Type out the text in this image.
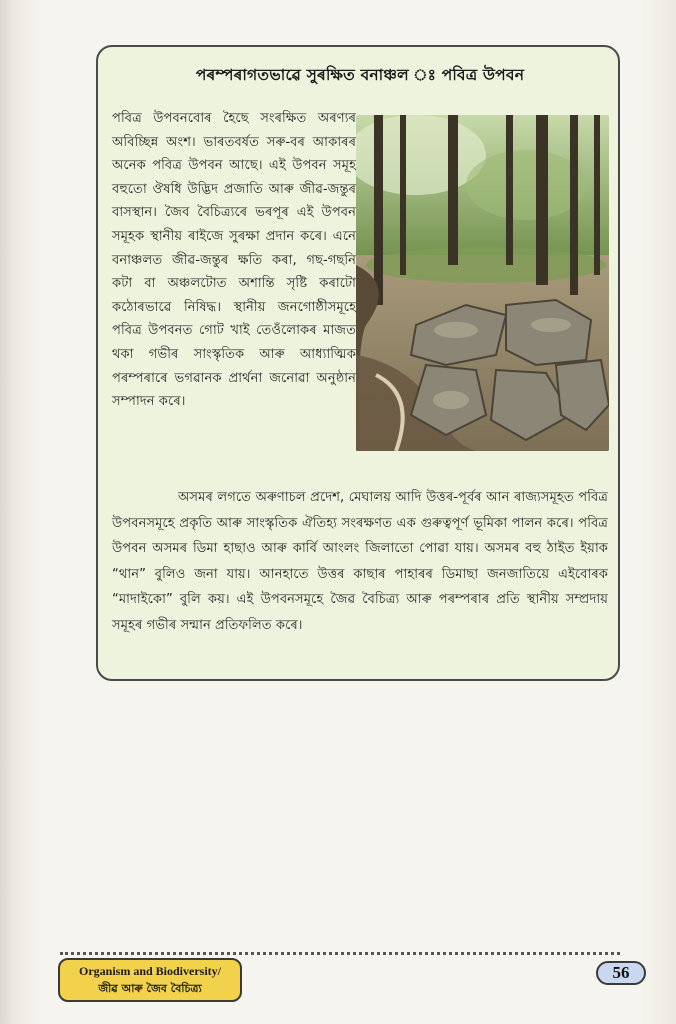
পৰম্পৰাগতভাৱে সুৰক্ষিত বনাঞ্চল ঃ পবিত্ৰ উপবন
পবিত্ৰ উপবনবোৰ হৈছে সংৰক্ষিত অৰণ্যৰ অবিচ্ছিন্ন অংশ। ভাৰতবৰ্ষত সৰু-বৰ আকাৰৰ অনেক পবিত্ৰ উপবন আছে। এই উপবন সমূহ বহুতো ঔষধি উদ্ভিদ প্ৰজাতি আৰু জীৱ-জন্তুৰ বাসস্থান। জৈব বৈচিত্ৰ্যৰে ভৰপূৰ এই উপবন সমূহক স্থানীয় ৰাইজে সুৰক্ষা প্ৰদান কৰে। এনে বনাঞ্চলত জীৱ-জন্তুৰ ক্ষতি কৰা, গছ-গছনি কটা বা অঞ্চলটোত অশান্তি সৃষ্টি কৰাটো কঠোৰভাৱে নিষিদ্ধ। স্থানীয় জনগোষ্ঠীসমূহে পবিত্ৰ উপবনত গোট খাই তেওঁলোকৰ মাজত থকা গভীৰ সাংস্কৃতিক আৰু আধ্যাত্মিক পৰম্পৰাৰে ভগৱানক প্ৰাৰ্থনা জনোৱা অনুষ্ঠান সম্পাদন কৰে।
অসমৰ লগতে অৰুণাচল প্ৰদেশ, মেঘালয় আদি উত্তৰ-পূৰ্বৰ আন ৰাজ্যসমূহত পবিত্ৰ উপবনসমূহে প্ৰকৃতি আৰু সাংস্কৃতিক ঐতিহ্য সংৰক্ষণত এক গুৰুত্বপূৰ্ণ ভূমিকা পালন কৰে। পবিত্ৰ উপবন অসমৰ ডিমা হাছাও আৰু কাৰ্বি আংলং জিলাতো পোৱা যায়। অসমৰ বহু ঠাইত ইয়াক “থান” বুলিও জনা যায়। আনহাতে উত্তৰ কাছাৰ পাহাৰৰ ডিমাছা জনজাতিয়ে এইবোৰক “মাদাইকো” বুলি কয়। এই উপবনসমূহে জৈৱ বৈচিত্ৰ্য আৰু পৰম্পৰাৰ প্ৰতি স্থানীয় সম্প্ৰদায় সমূহৰ গভীৰ সন্মান প্ৰতিফলিত কৰে।
Organism and Biodiversity/
জীৱ আৰু জৈব বৈচিত্ৰ্য
56
